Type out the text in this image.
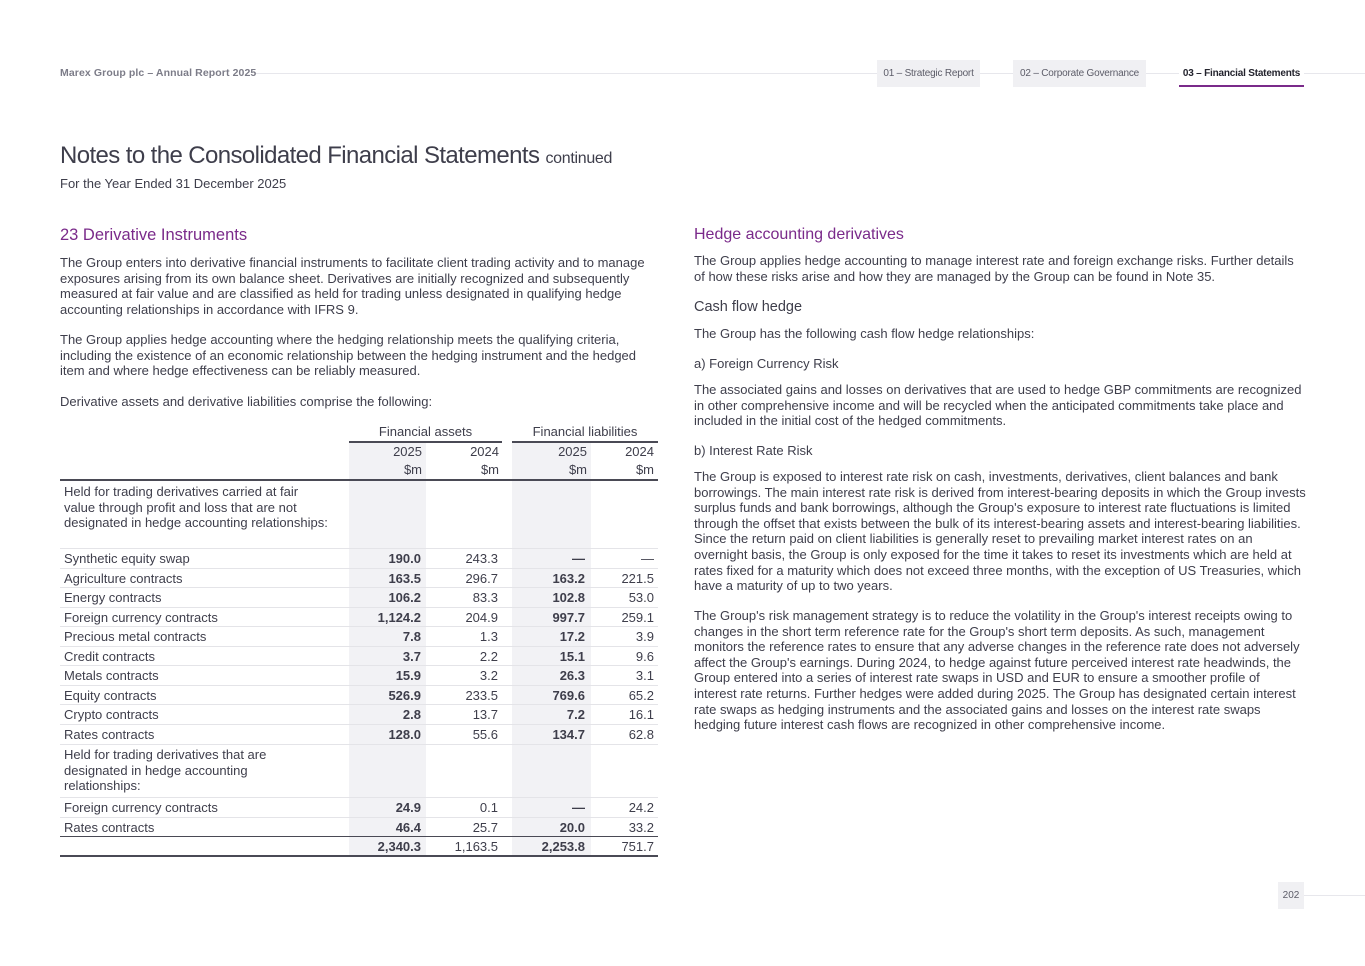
Marex Group plc – Annual Report 2025	01 – Strategic Report	02 – Corporate Governance	03 – Financial Statements
Notes to the Consolidated Financial Statements continued
For the Year Ended 31 December 2025
23 Derivative Instruments
The Group enters into derivative financial instruments to facilitate client trading activity and to manage exposures arising from its own balance sheet. Derivatives are initially recognized and subsequently measured at fair value and are classified as held for trading unless designated in qualifying hedge accounting relationships in accordance with IFRS 9.
The Group applies hedge accounting where the hedging relationship meets the qualifying criteria, including the existence of an economic relationship between the hedging instrument and the hedged item and where hedge effectiveness can be reliably measured.
Derivative assets and derivative liabilities comprise the following:
Financial assets	Financial liabilities
2025	2024	2025	2024
$m	$m	$m	$m
Held for trading derivatives carried at fair value through profit and loss that are not designated in hedge accounting relationships:
Synthetic equity swap	190.0	243.3	—	—
Agriculture contracts	163.5	296.7	163.2	221.5
Energy contracts	106.2	83.3	102.8	53.0
Foreign currency contracts	1,124.2	204.9	997.7	259.1
Precious metal contracts	7.8	1.3	17.2	3.9
Credit contracts	3.7	2.2	15.1	9.6
Metals contracts	15.9	3.2	26.3	3.1
Equity contracts	526.9	233.5	769.6	65.2
Crypto contracts	2.8	13.7	7.2	16.1
Rates contracts	128.0	55.6	134.7	62.8
Held for trading derivatives that are designated in hedge accounting relationships:
Foreign currency contracts	24.9	0.1	—	24.2
Rates contracts	46.4	25.7	20.0	33.2
2,340.3	1,163.5	2,253.8	751.7
Hedge accounting derivatives
The Group applies hedge accounting to manage interest rate and foreign exchange risks. Further details of how these risks arise and how they are managed by the Group can be found in Note 35.
Cash flow hedge
The Group has the following cash flow hedge relationships:
a) Foreign Currency Risk
The associated gains and losses on derivatives that are used to hedge GBP commitments are recognized in other comprehensive income and will be recycled when the anticipated commitments take place and included in the initial cost of the hedged commitments.
b) Interest Rate Risk
The Group is exposed to interest rate risk on cash, investments, derivatives, client balances and bank borrowings. The main interest rate risk is derived from interest-bearing deposits in which the Group invests surplus funds and bank borrowings, although the Group's exposure to interest rate fluctuations is limited through the offset that exists between the bulk of its interest-bearing assets and interest-bearing liabilities. Since the return paid on client liabilities is generally reset to prevailing market interest rates on an overnight basis, the Group is only exposed for the time it takes to reset its investments which are held at rates fixed for a maturity which does not exceed three months, with the exception of US Treasuries, which have a maturity of up to two years.
The Group's risk management strategy is to reduce the volatility in the Group's interest receipts owing to changes in the short term reference rate for the Group's short term deposits. As such, management monitors the reference rates to ensure that any adverse changes in the reference rate does not adversely affect the Group's earnings. During 2024, to hedge against future perceived interest rate headwinds, the Group entered into a series of interest rate swaps in USD and EUR to ensure a smoother profile of interest rate returns. Further hedges were added during 2025. The Group has designated certain interest rate swaps as hedging instruments and the associated gains and losses on the interest rate swaps hedging future interest cash flows are recognized in other comprehensive income.
202
